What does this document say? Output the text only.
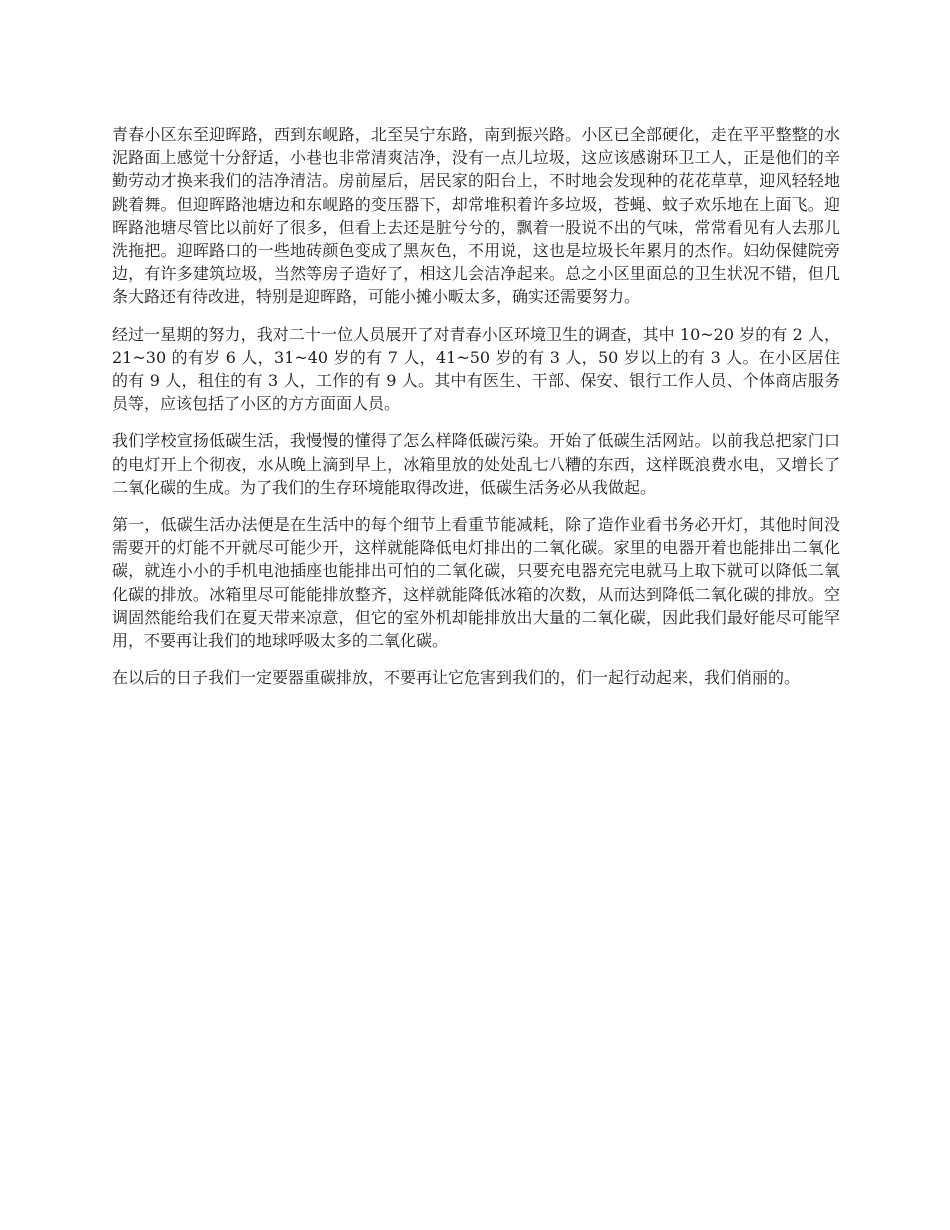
青春小区东至迎晖路，西到东岘路，北至吴宁东路，南到振兴路。小区已全部硬化，走在平平整整的水泥路面上感觉十分舒适，小巷也非常清爽洁净，没有一点儿垃圾，这应该感谢环卫工人，正是他们的辛勤劳动才换来我们的洁净清洁。房前屋后，居民家的阳台上，不时地会发现种的花花草草，迎风轻轻地跳着舞。但迎晖路池塘边和东岘路的变压器下，却常堆积着许多垃圾，苍蝇、蚊子欢乐地在上面飞。迎晖路池塘尽管比以前好了很多，但看上去还是脏兮兮的，飘着一股说不出的气味，常常看见有人去那儿洗拖把。迎晖路口的一些地砖颜色变成了黑灰色，不用说，这也是垃圾长年累月的杰作。妇幼保健院旁边，有许多建筑垃圾，当然等房子造好了，相这儿会洁净起来。总之小区里面总的卫生状况不错，但几条大路还有待改进，特别是迎晖路，可能小摊小畈太多，确实还需要努力。

经过一星期的努力，我对二十一位人员展开了对青春小区环境卫生的调查，其中 10~20 岁的有 2 人，21~30 的有岁 6 人，31~40 岁的有 7 人，41~50 岁的有 3 人，50 岁以上的有 3 人。在小区居住的有 9 人，租住的有 3 人，工作的有 9 人。其中有医生、干部、保安、银行工作人员、个体商店服务员等，应该包括了小区的方方面面人员。

我们学校宣扬低碳生活，我慢慢的懂得了怎么样降低碳污染。开始了低碳生活网站。以前我总把家门口的电灯开上个彻夜，水从晚上滴到早上，冰箱里放的处处乱七八糟的东西，这样既浪费水电，又增长了二氧化碳的生成。为了我们的生存环境能取得改进，低碳生活务必从我做起。

第一，低碳生活办法便是在生活中的每个细节上看重节能减耗，除了造作业看书务必开灯，其他时间没需要开的灯能不开就尽可能少开，这样就能降低电灯排出的二氧化碳。家里的电器开着也能排出二氧化碳，就连小小的手机电池插座也能排出可怕的二氧化碳，只要充电器充完电就马上取下就可以降低二氧化碳的排放。冰箱里尽可能能排放整齐，这样就能降低冰箱的次数，从而达到降低二氧化碳的排放。空调固然能给我们在夏天带来凉意，但它的室外机却能排放出大量的二氧化碳，因此我们最好能尽可能罕用，不要再让我们的地球呼吸太多的二氧化碳。

在以后的日子我们一定要器重碳排放，不要再让它危害到我们的，们一起行动起来，我们俏丽的。
